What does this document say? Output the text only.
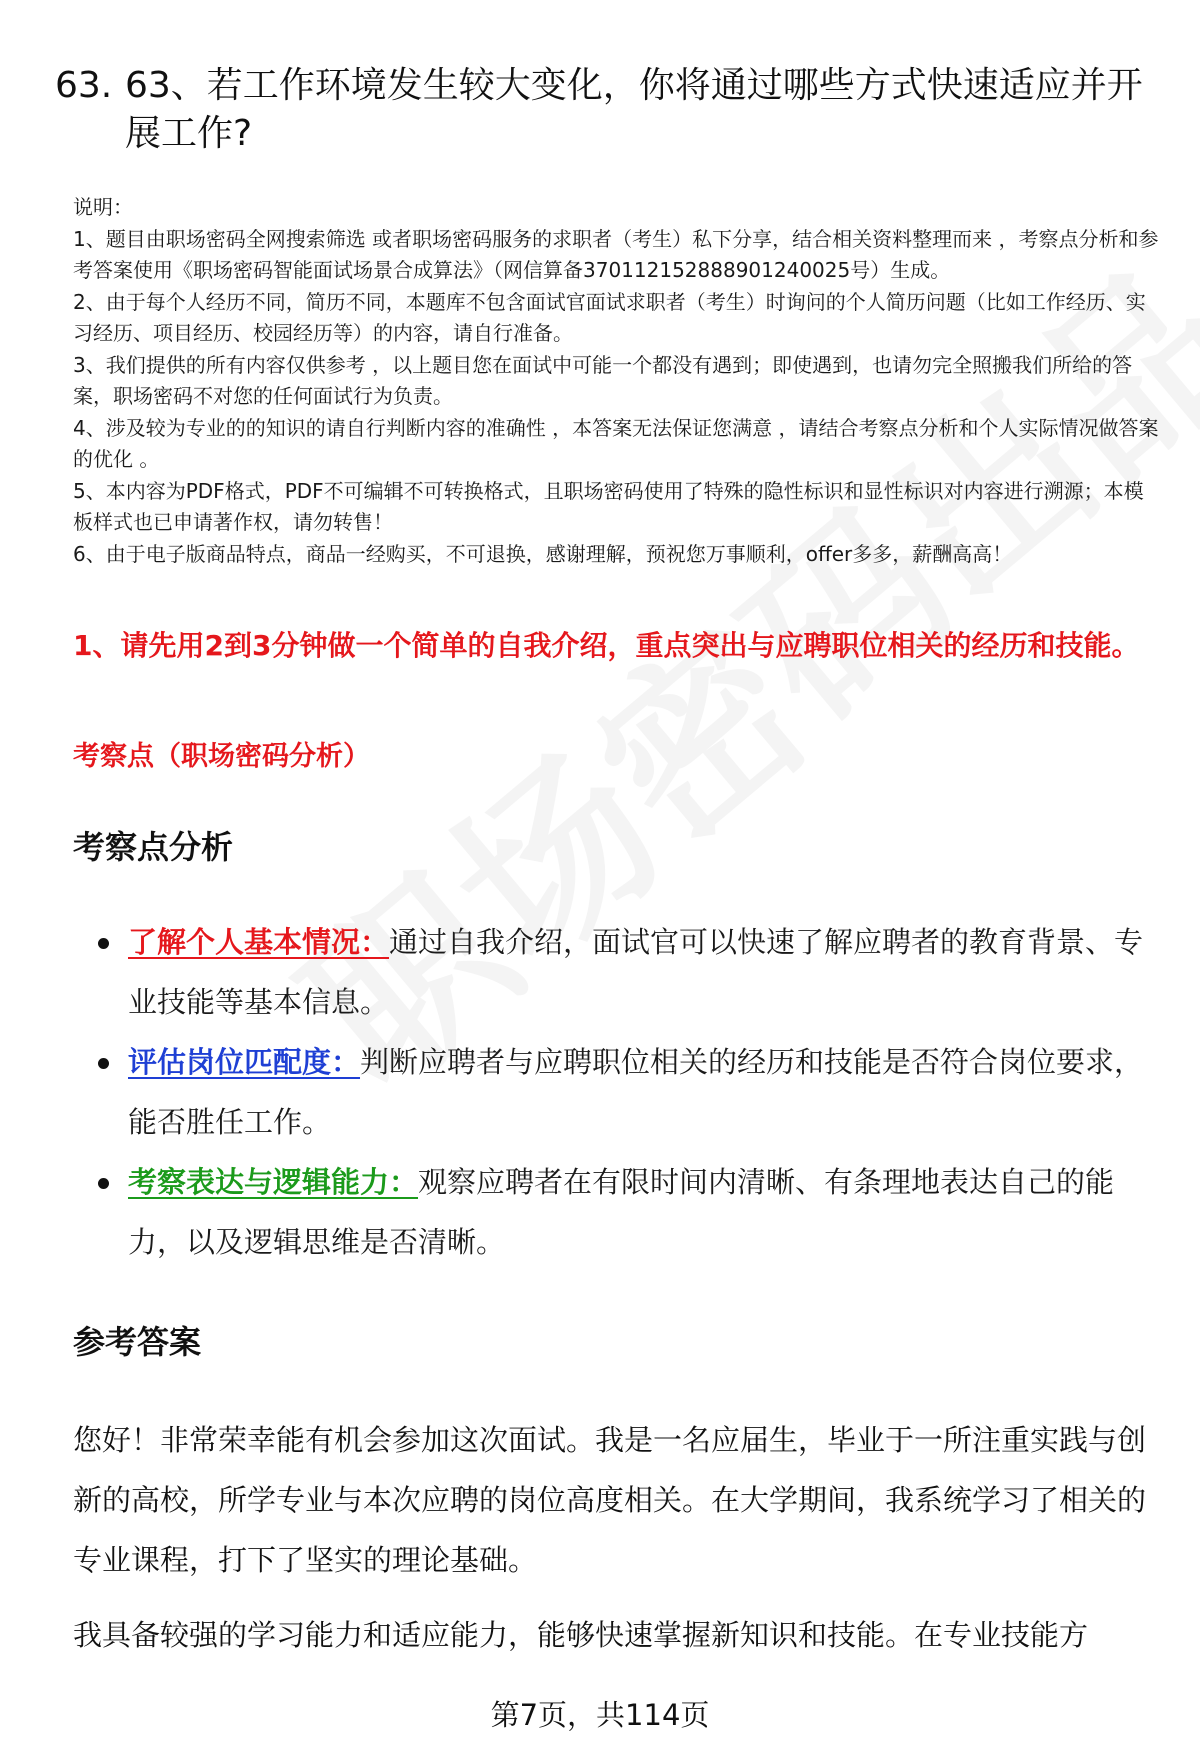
63. 63、若工作环境发生较大变化，你将通过哪些方式快速适应并开展工作?

说明：

1、题目由职场密码全网搜索筛选 或者职场密码服务的求职者（考生）私下分享，结合相关资料整理而来 ，考察点分析和参考答案使用《职场密码智能面试场景合成算法》（网信算备370112152888901240025号）生成。

2、由于每个人经历不同，简历不同，本题库不包含面试官面试求职者（考生）时询问的个人简历问题（比如工作经历、实习经历、项目经历、校园经历等）的内容，请自行准备。

3、我们提供的所有内容仅供参考 ，以上题目您在面试中可能一个都没有遇到；即使遇到，也请勿完全照搬我们所给的答案，职场密码不对您的任何面试行为负责。

4、涉及较为专业的的知识的请自行判断内容的准确性 ，本答案无法保证您满意 ，请结合考察点分析和个人实际情况做答案的优化 。

5、本内容为PDF格式，PDF不可编辑不可转换格式，且职场密码使用了特殊的隐性标识和显性标识对内容进行溯源；本模板样式也已申请著作权，请勿转售！

6、由于电子版商品特点，商品一经购买，不可退换，感谢理解，预祝您万事顺利，offer多多，薪酬高高！

1、请先用2到3分钟做一个简单的自我介绍，重点突出与应聘职位相关的经历和技能。
考察点（职场密码分析）
考察点分析
了解个人基本情况：通过自我介绍，面试官可以快速了解应聘者的教育背景、专业技能等基本信息。
评估岗位匹配度：判断应聘者与应聘职位相关的经历和技能是否符合岗位要求，能否胜任工作。
考察表达与逻辑能力：观察应聘者在有限时间内清晰、有条理地表达自己的能力，以及逻辑思维是否清晰。
参考答案
您好！非常荣幸能有机会参加这次面试。我是一名应届生，毕业于一所注重实践与创新的高校，所学专业与本次应聘的岗位高度相关。在大学期间，我系统学习了相关的专业课程，打下了坚实的理论基础。
我具备较强的学习能力和适应能力，能够快速掌握新知识和技能。在专业技能方
第7页，共114页
